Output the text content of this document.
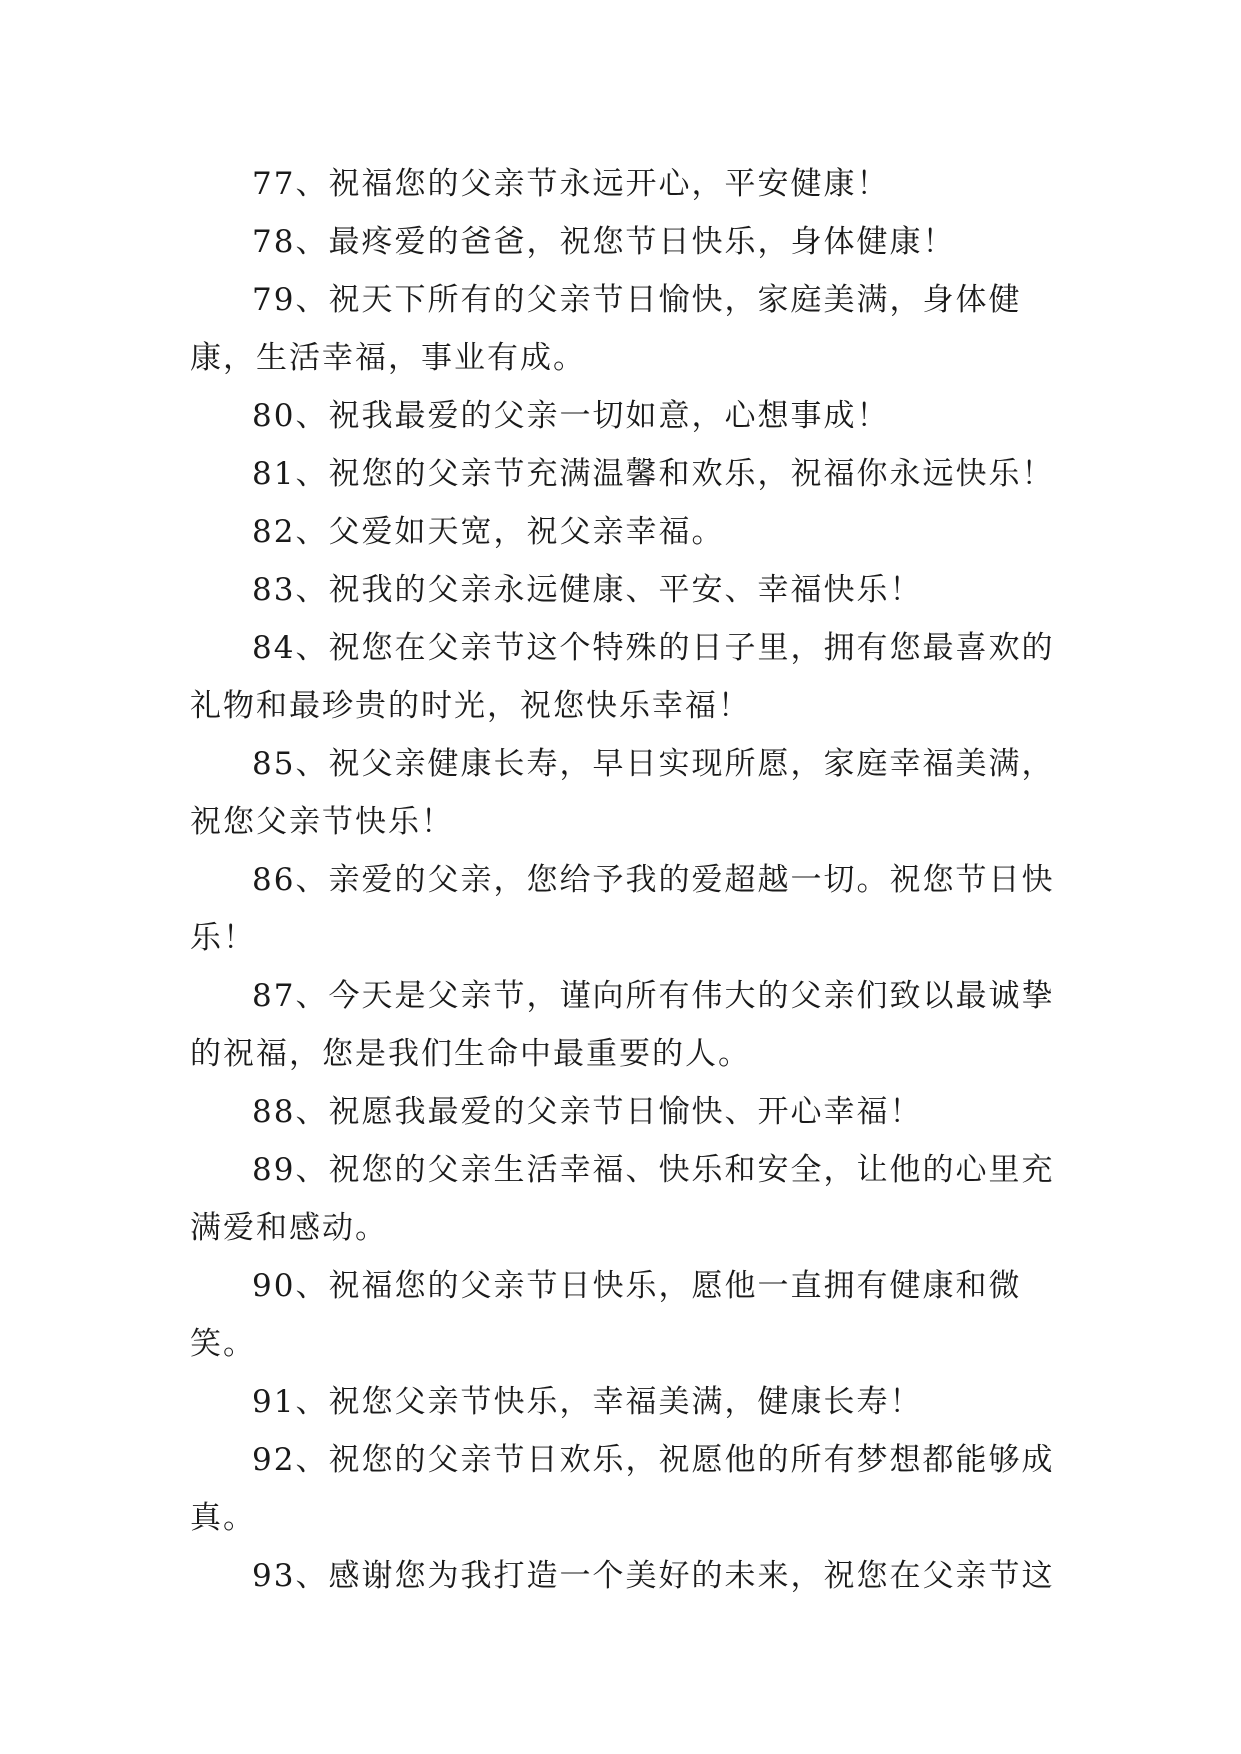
77、祝福您的父亲节永远开心，平安健康！

78、最疼爱的爸爸，祝您节日快乐，身体健康！

79、祝天下所有的父亲节日愉快，家庭美满，身体健康，生活幸福，事业有成。

80、祝我最爱的父亲一切如意，心想事成！

81、祝您的父亲节充满温馨和欢乐，祝福你永远快乐！

82、父爱如天宽，祝父亲幸福。

83、祝我的父亲永远健康、平安、幸福快乐！

84、祝您在父亲节这个特殊的日子里，拥有您最喜欢的礼物和最珍贵的时光，祝您快乐幸福！

85、祝父亲健康长寿，早日实现所愿，家庭幸福美满，祝您父亲节快乐！

86、亲爱的父亲，您给予我的爱超越一切。祝您节日快乐！

87、今天是父亲节，谨向所有伟大的父亲们致以最诚挚的祝福，您是我们生命中最重要的人。

88、祝愿我最爱的父亲节日愉快、开心幸福！

89、祝您的父亲生活幸福、快乐和安全，让他的心里充满爱和感动。

90、祝福您的父亲节日快乐，愿他一直拥有健康和微笑。

91、祝您父亲节快乐，幸福美满，健康长寿！

92、祝您的父亲节日欢乐，祝愿他的所有梦想都能够成真。

93、感谢您为我打造一个美好的未来，祝您在父亲节这
